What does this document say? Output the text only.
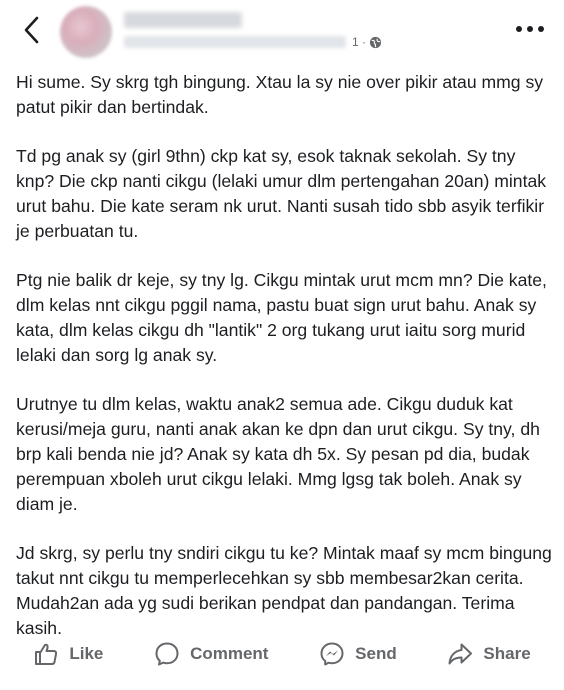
1 ·

Hi sume. Sy skrg tgh bingung. Xtau la sy nie over pikir atau mmg sy patut pikir dan bertindak.

Td pg anak sy (girl 9thn) ckp kat sy, esok taknak sekolah. Sy tny knp? Die ckp nanti cikgu (lelaki umur dlm pertengahan 20an) mintak urut bahu. Die kate seram nk urut. Nanti susah tido sbb asyik terfikir je perbuatan tu.

Ptg nie balik dr keje, sy tny lg. Cikgu mintak urut mcm mn? Die kate, dlm kelas nnt cikgu pggil nama, pastu buat sign urut bahu. Anak sy kata, dlm kelas cikgu dh "lantik" 2 org tukang urut iaitu sorg murid lelaki dan sorg lg anak sy.

Urutnye tu dlm kelas, waktu anak2 semua ade. Cikgu duduk kat kerusi/meja guru, nanti anak akan ke dpn dan urut cikgu. Sy tny, dh brp kali benda nie jd? Anak sy kata dh 5x. Sy pesan pd dia, budak perempuan xboleh urut cikgu lelaki. Mmg lgsg tak boleh. Anak sy diam je.

Jd skrg, sy perlu tny sndiri cikgu tu ke? Mintak maaf sy mcm bingung takut nnt cikgu tu memperlecehkan sy sbb membesar2kan cerita. Mudah2an ada yg sudi berikan pendpat dan pandangan. Terima kasih.

Like	Comment	Send	Share
